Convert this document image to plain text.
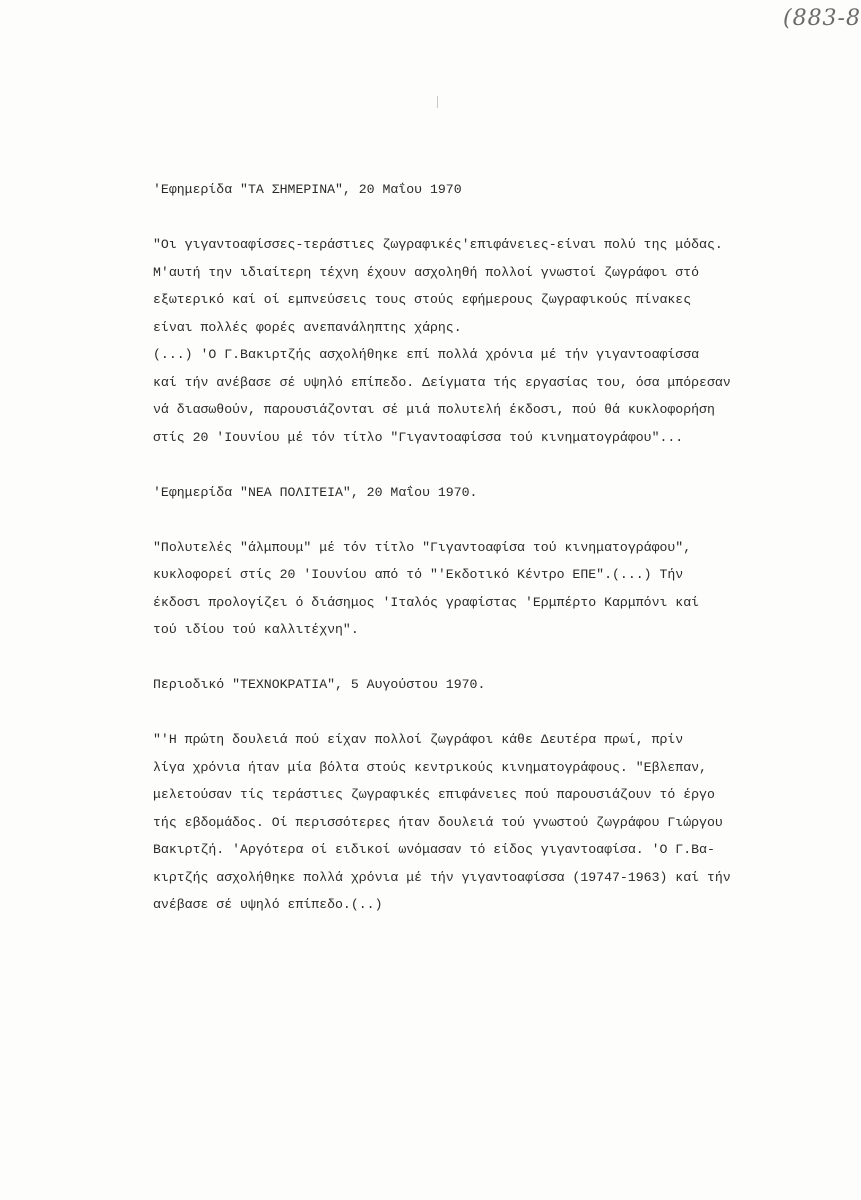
(883-8
'Εφημερίδα "ΤΑ ΣΗΜΕΡΙΝΑ", 20 Μαΐου 1970
"Οι γιγαντοαφίσσες-τεράστιες ζωγραφικές'επιφάνειες-είναι πολύ της μόδας.
Μ'αυτή την ιδιαίτερη τέχνη έχουν ασχοληθή πολλοί γνωστοί ζωγράφοι στό
εξωτερικό καί οί εμπνεύσεις τους στούς εφήμερους ζωγραφικούς πίνακες
είναι πολλές φορές ανεπανάληπτης χάρης.
(...) 'Ο Γ.Βακιρτζής ασχολήθηκε επί πολλά χρόνια μέ τήν γιγαντοαφίσσα
καί τήν ανέβασε σέ υψηλό επίπεδο. Δείγματα τής εργασίας του, όσα μπόρεσαν
νά διασωθούν, παρουσιάζονται σέ μιά πολυτελή έκδοσι, πού θά κυκλοφορήση
στίς 20 'Ιουνίου μέ τόν τίτλο "Γιγαντοαφίσσα τού κινηματογράφου"...
'Εφημερίδα "ΝΕΑ ΠΟΛΙΤΕΙΑ", 20 Μαΐου 1970.
"Πολυτελές "άλμπουμ" μέ τόν τίτλο "Γιγαντοαφίσα τού κινηματογράφου",
κυκλοφορεί στίς 20 'Ιουνίου από τό "'Εκδοτικό Κέντρο ΕΠΕ".(...) Τήν
έκδοσι προλογίζει ό διάσημος 'Ιταλός γραφίστας 'Ερμπέρτο Καρμπόνι καί
τού ιδίου τού καλλιτέχνη".
Περιοδικό "ΤΕΧΝΟΚΡΑΤΙΑ", 5 Αυγούστου 1970.
"'Η πρώτη δουλειά πού είχαν πολλοί ζωγράφοι κάθε Δευτέρα πρωί, πρίν
λίγα χρόνια ήταν μία βόλτα στούς κεντρικούς κινηματογράφους. "Εβλεπαν,
μελετούσαν τίς τεράστιες ζωγραφικές επιφάνειες πού παρουσιάζουν τό έργο
τής εβδομάδος. Οί περισσότερες ήταν δουλειά τού γνωστού ζωγράφου Γιώργου
Βακιρτζή. 'Αργότερα οί ειδικοί ωνόμασαν τό είδος γιγαντοαφίσα. 'Ο Γ.Βα-
κιρτζής ασχολήθηκε πολλά χρόνια μέ τήν γιγαντοαφίσσα (19747-1963) καί τήν
ανέβασε σέ υψηλό επίπεδο.(..)
